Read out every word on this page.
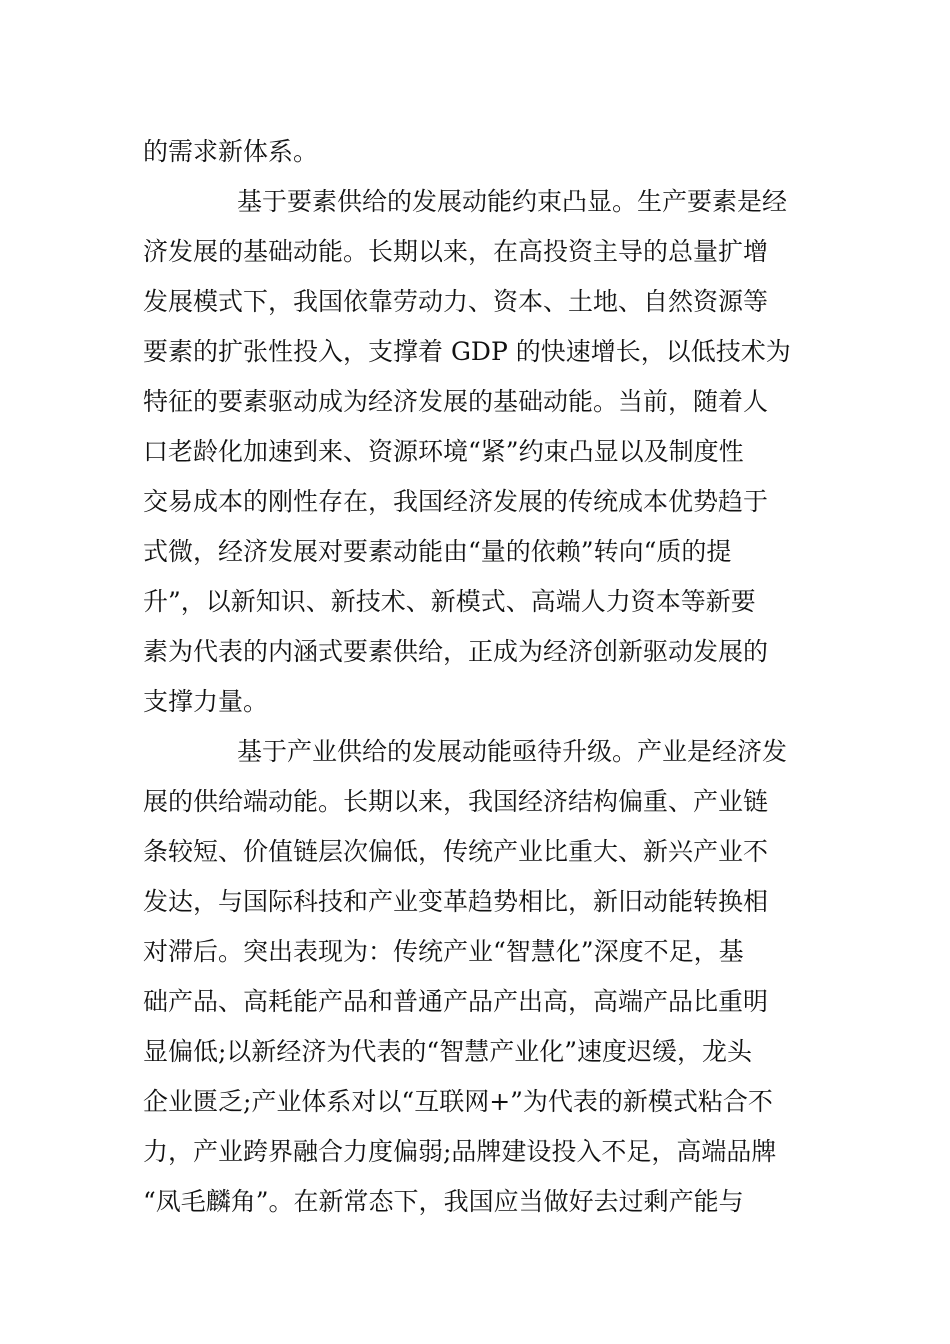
的需求新体系。
基于要素供给的发展动能约束凸显。生产要素是经
济发展的基础动能。长期以来，在高投资主导的总量扩增
发展模式下，我国依靠劳动力、资本、土地、自然资源等
要素的扩张性投入，支撑着 GDP 的快速增长，以低技术为
特征的要素驱动成为经济发展的基础动能。当前，随着人
口老龄化加速到来、资源环境“紧”约束凸显以及制度性
交易成本的刚性存在，我国经济发展的传统成本优势趋于
式微，经济发展对要素动能由“量的依赖”转向“质的提
升”，以新知识、新技术、新模式、高端人力资本等新要
素为代表的内涵式要素供给，正成为经济创新驱动发展的
支撑力量。
基于产业供给的发展动能亟待升级。产业是经济发
展的供给端动能。长期以来，我国经济结构偏重、产业链
条较短、价值链层次偏低，传统产业比重大、新兴产业不
发达，与国际科技和产业变革趋势相比，新旧动能转换相
对滞后。突出表现为：传统产业“智慧化”深度不足，基
础产品、高耗能产品和普通产品产出高，高端产品比重明
显偏低;以新经济为代表的“智慧产业化”速度迟缓，龙头
企业匮乏;产业体系对以“互联网+”为代表的新模式粘合不
力，产业跨界融合力度偏弱;品牌建设投入不足，高端品牌
“凤毛麟角”。在新常态下，我国应当做好去过剩产能与
